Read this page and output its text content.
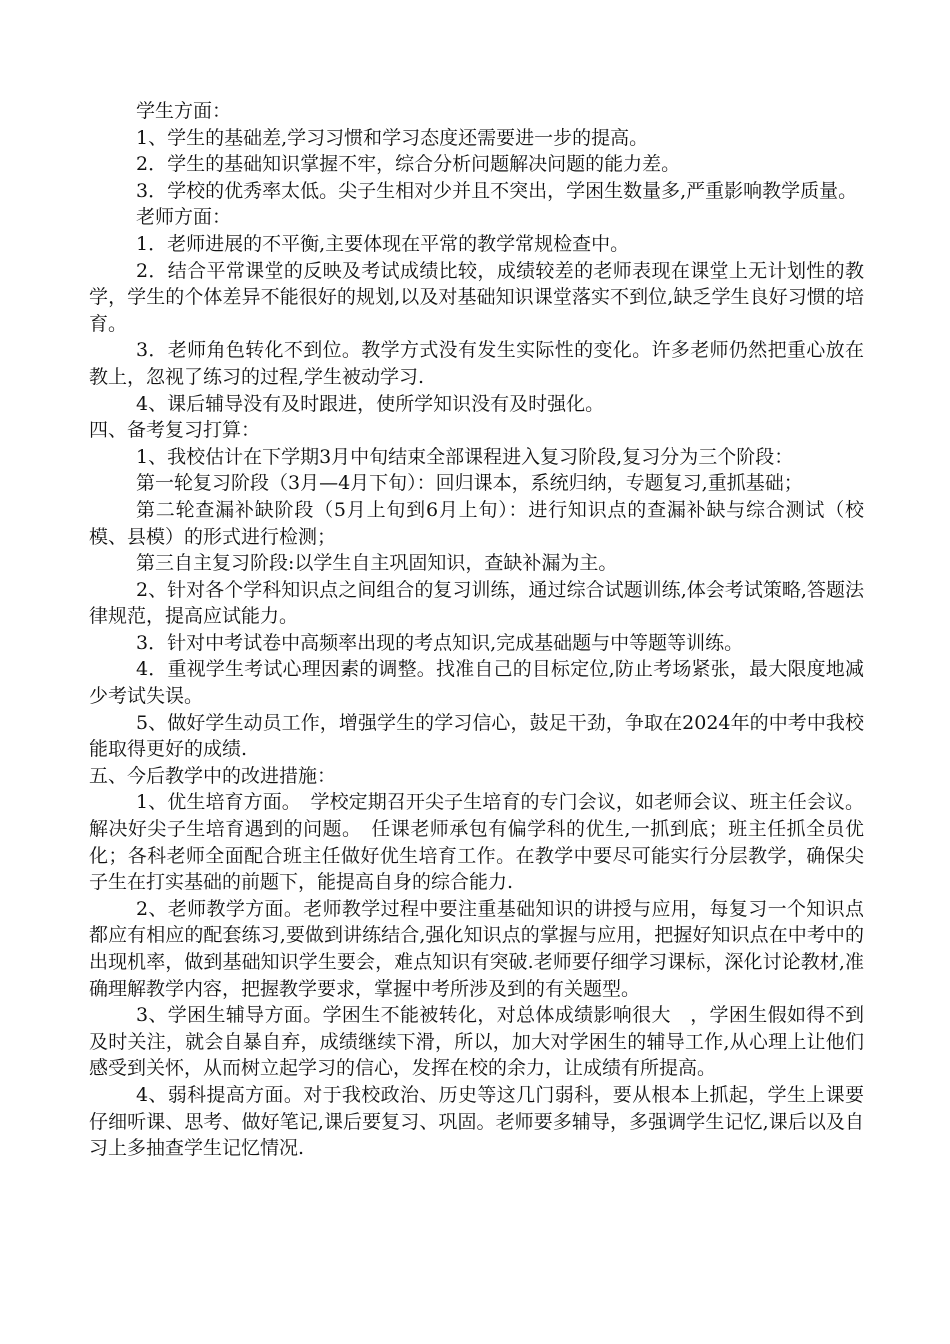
学生方面：

1、学生的基础差,学习习惯和学习态度还需要进一步的提高。

2．学生的基础知识掌握不牢，综合分析问题解决问题的能力差。

3．学校的优秀率太低。尖子生相对少并且不突出，学困生数量多,严重影响教学质量。

老师方面：

1．老师进展的不平衡,主要体现在平常的教学常规检查中。

2．结合平常课堂的反映及考试成绩比较，成绩较差的老师表现在课堂上无计划性的教学，学生的个体差异不能很好的规划,以及对基础知识课堂落实不到位,缺乏学生良好习惯的培育。

3．老师角色转化不到位。教学方式没有发生实际性的变化。许多老师仍然把重心放在教上，忽视了练习的过程,学生被动学习.

4、课后辅导没有及时跟进，使所学知识没有及时强化。

四、备考复习打算：

1、我校估计在下学期3月中旬结束全部课程进入复习阶段,复习分为三个阶段：

第一轮复习阶段（3月—4月下旬）：回归课本，系统归纳，专题复习,重抓基础；

第二轮查漏补缺阶段（5月上旬到6月上旬）：进行知识点的查漏补缺与综合测试（校模、县模）的形式进行检测；

第三自主复习阶段:以学生自主巩固知识，查缺补漏为主。

2、针对各个学科知识点之间组合的复习训练，通过综合试题训练,体会考试策略,答题法律规范，提高应试能力。

3．针对中考试卷中高频率出现的考点知识,完成基础题与中等题等训练。

4．重视学生考试心理因素的调整。找准自己的目标定位,防止考场紧张，最大限度地减少考试失误。

5、做好学生动员工作，增强学生的学习信心，鼓足干劲，争取在2024年的中考中我校能取得更好的成绩.

五、今后教学中的改进措施：

1、优生培育方面。　学校定期召开尖子生培育的专门会议，如老师会议、班主任会议。解决好尖子生培育遇到的问题。　任课老师承包有偏学科的优生,一抓到底；班主任抓全员优化；各科老师全面配合班主任做好优生培育工作。在教学中要尽可能实行分层教学，确保尖子生在打实基础的前题下，能提高自身的综合能力.

2、老师教学方面。老师教学过程中要注重基础知识的讲授与应用，每复习一个知识点都应有相应的配套练习,要做到讲练结合,强化知识点的掌握与应用，把握好知识点在中考中的出现机率，做到基础知识学生要会，难点知识有突破.老师要仔细学习课标，深化讨论教材,准确理解教学内容，把握教学要求，掌握中考所涉及到的有关题型。

3、学困生辅导方面。学困生不能被转化，对总体成绩影响很大　，学困生假如得不到及时关注，就会自暴自弃，成绩继续下滑，所以，加大对学困生的辅导工作,从心理上让他们感受到关怀，从而树立起学习的信心，发挥在校的余力，让成绩有所提高。

4、弱科提高方面。对于我校政治、历史等这几门弱科，要从根本上抓起，学生上课要仔细听课、思考、做好笔记,课后要复习、巩固。老师要多辅导，多强调学生记忆,课后以及自习上多抽查学生记忆情况.
